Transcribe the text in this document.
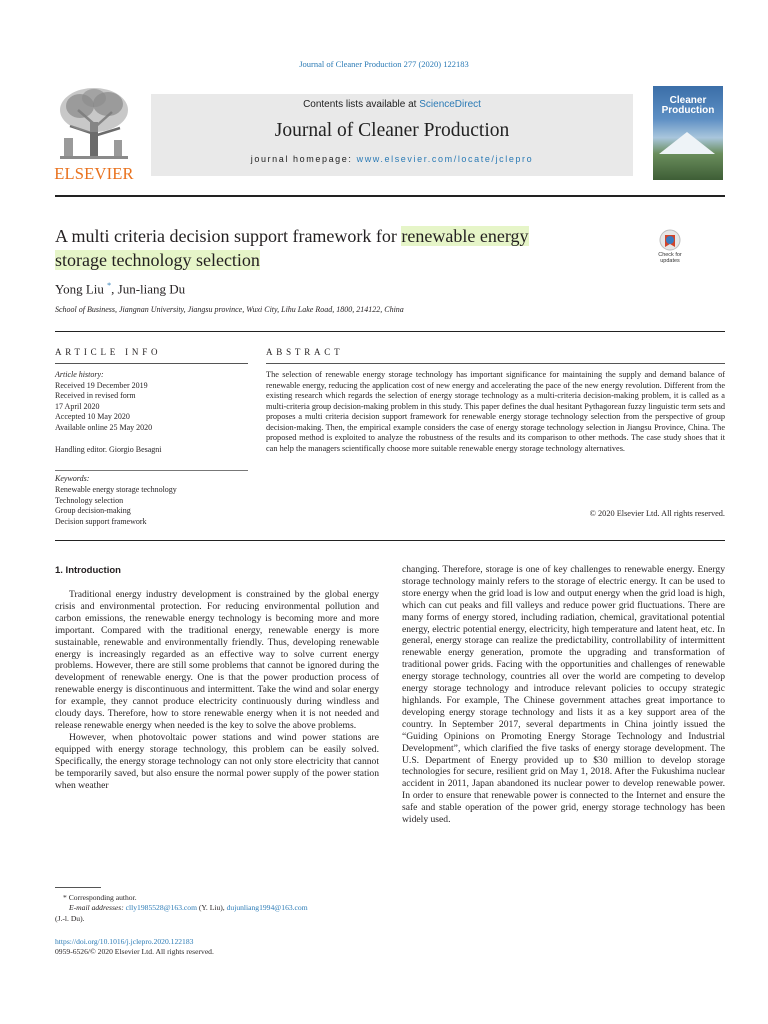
Journal of Cleaner Production 277 (2020) 122183
ELSEVIER
Contents lists available at ScienceDirect
Journal of Cleaner Production
journal homepage: www.elsevier.com/locate/jclepro
Cleaner
Production
A multi criteria decision support framework for renewable energy
storage technology selection	Check for updates
Yong Liu *, Jun-liang Du
School of Business, Jiangnan University, Jiangsu province, Wuxi City, Lihu Lake Road, 1800, 214122, China
ARTICLE INFO	ABSTRACT
Article history:
Received 19 December 2019
Received in revised form
17 April 2020
Accepted 10 May 2020
Available online 25 May 2020
Handling editor. Giorgio Besagni
Keywords:
Renewable energy storage technology
Technology selection
Group decision-making
Decision support framework
The selection of renewable energy storage technology has important significance for maintaining the supply and demand balance of renewable energy, reducing the application cost of new energy and accelerating the pace of the new energy revolution. Different from the existing research which regards the selection of energy storage technology as a multi-criteria decision-making problem, it is called as a multi-criteria group decision-making problem in this study. This paper defines the dual hesitant Pythagorean fuzzy linguistic term sets and proposes a multi criteria decision support framework for renewable energy storage technology selection from the perspective of group decision-making. Then, the empirical example considers the case of energy storage technology selection in Jiangsu Province, China. The proposed method is exploited to analyze the robustness of the results and its comparison to other methods. The case study shoes that it can help the managers scientifically choose more suitable renewable energy storage technology alternatives.
© 2020 Elsevier Ltd. All rights reserved.
1. Introduction

Traditional energy industry development is constrained by the global energy crisis and environmental protection. For reducing environmental pollution and carbon emissions, the renewable energy technology is becoming more and more important. Compared with the traditional energy, renewable energy is more sustainable, renewable and environmentally friendly. Thus, developing renewable energy is increasingly regarded as an effective way to solve current energy problems. However, there are still some problems that cannot be ignored during the development of renewable energy. One is that the power production process of renewable energy is discontinuous and intermittent. Take the wind and solar energy for example, they cannot produce electricity continuously during windless and cloudy days. Therefore, how to store renewable energy when it is not needed and release renewable energy when needed is the key to solve the above problems.

However, when photovoltaic power stations and wind power stations are equipped with energy storage technology, this problem can be easily solved. Specifically, the energy storage technology can not only store electricity that cannot be temporarily saved, but also ensure the normal power supply of the power station when weather

changing. Therefore, storage is one of key challenges to renewable energy. Energy storage technology mainly refers to the storage of electric energy. It can be used to store energy when the grid load is low and output energy when the grid load is high, which can cut peaks and fill valleys and reduce power grid fluctuations. There are many forms of energy stored, including radiation, chemical, gravitational potential energy, electric potential energy, electricity, high temperature and latent heat, etc. In general, energy storage can realize the predictability, controllability of intermittent renewable energy generation, promote the upgrading and transformation of traditional power grids. Facing with the opportunities and challenges of renewable energy storage technology, countries all over the world are competing to develop energy storage technology and introduce relevant policies to occupy strategic highlands. For example, The Chinese government attaches great importance to developing energy storage technology and lists it as a key support area of the country. In September 2017, several departments in China jointly issued the “Guiding Opinions on Promoting Energy Storage Technology and Industrial Development”, which clarified the five tasks of energy storage development. The U.S. Department of Energy provided up to $30 million to develop storage technologies for secure, resilient grid on May 1, 2018. After the Fukushima nuclear accident in 2011, Japan abandoned its nuclear power to develop renewable power. In order to ensure that renewable power is connected to the Internet and ensure the safe and stable operation of the power grid, energy storage technology has been widely used.

* Corresponding author.
E-mail addresses: clly1985528@163.com (Y. Liu), dujunliang1994@163.com
(J.-l. Du).
https://doi.org/10.1016/j.jclepro.2020.122183
0959-6526/© 2020 Elsevier Ltd. All rights reserved.
